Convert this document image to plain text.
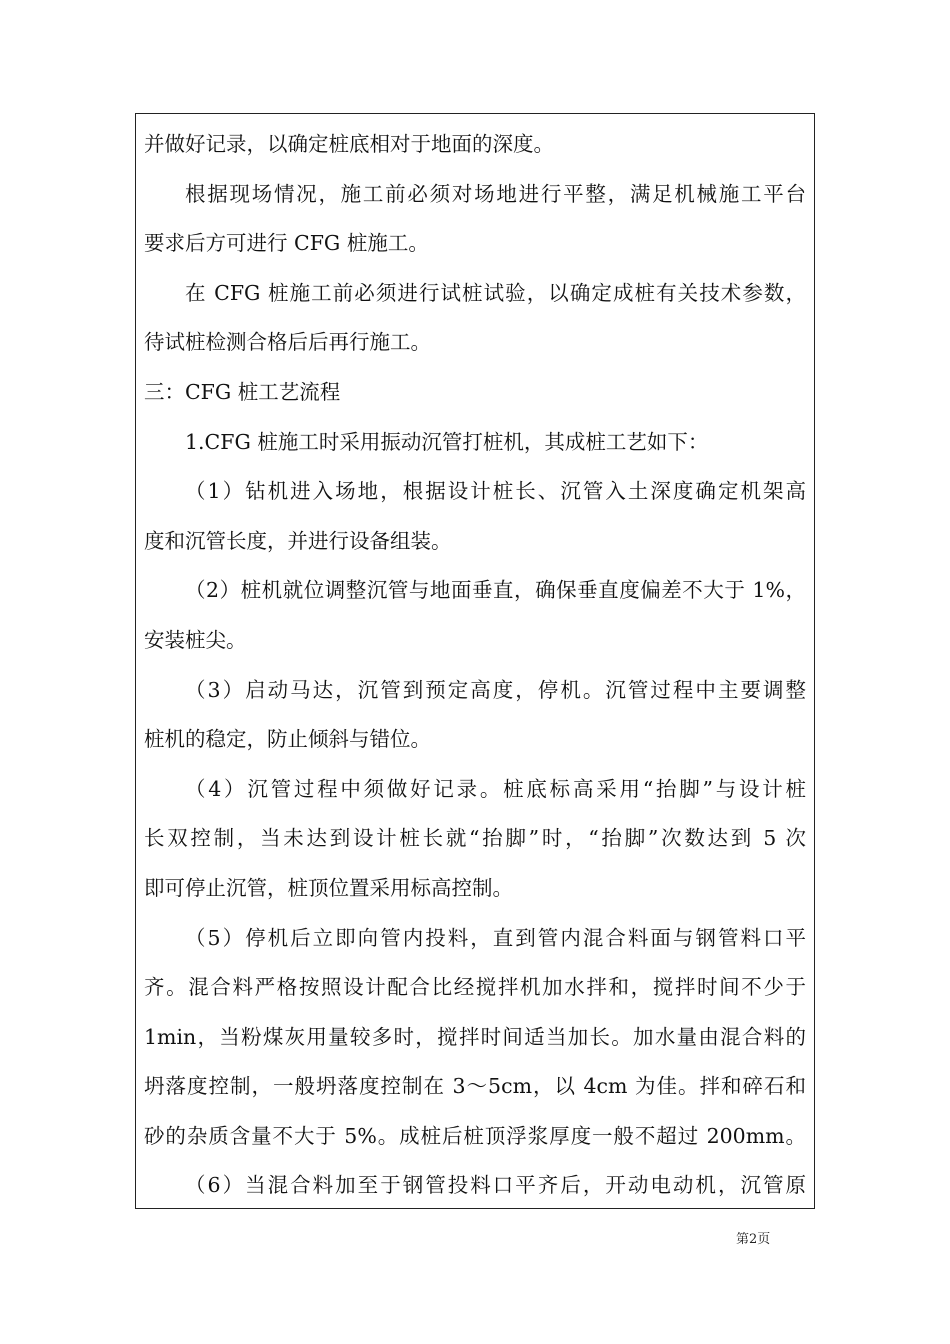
并做好记录，以确定桩底相对于地面的深度。
根据现场情况，施工前必须对场地进行平整，满足机械施工平台
要求后方可进行 CFG 桩施工。
在 CFG 桩施工前必须进行试桩试验，以确定成桩有关技术参数，
待试桩检测合格后后再行施工。
三：CFG 桩工艺流程
1.CFG 桩施工时采用振动沉管打桩机，其成桩工艺如下：
（1）钻机进入场地，根据设计桩长、沉管入土深度确定机架高
度和沉管长度，并进行设备组装。
（2）桩机就位调整沉管与地面垂直，确保垂直度偏差不大于 1%，
安装桩尖。
（3）启动马达，沉管到预定高度，停机。沉管过程中主要调整
桩机的稳定，防止倾斜与错位。
（4）沉管过程中须做好记录。桩底标高采用“抬脚”与设计桩
长双控制，当未达到设计桩长就“抬脚”时，“抬脚”次数达到 5 次
即可停止沉管，桩顶位置采用标高控制。
（5）停机后立即向管内投料，直到管内混合料面与钢管料口平
齐。混合料严格按照设计配合比经搅拌机加水拌和，搅拌时间不少于
1min，当粉煤灰用量较多时，搅拌时间适当加长。加水量由混合料的
坍落度控制，一般坍落度控制在 3～5cm，以 4cm 为佳。拌和碎石和
砂的杂质含量不大于 5%。成桩后桩顶浮浆厚度一般不超过 200mm。
（6）当混合料加至于钢管投料口平齐后，开动电动机，沉管原
第2页
